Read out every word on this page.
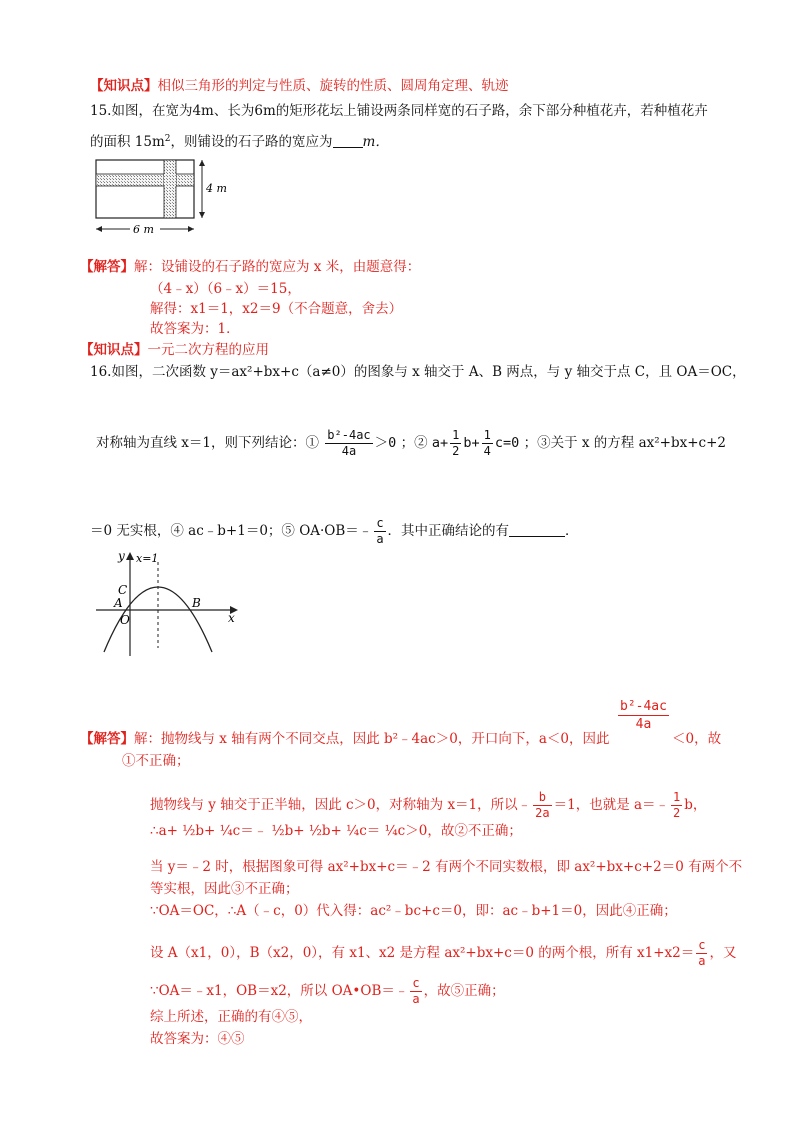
【知识点】相似三角形的判定与性质、旋转的性质、圆周角定理、轨迹
15.如图，在宽为4m、长为6m的矩形花坛上铺设两条同样宽的石子路，余下部分种植花卉，若种植花卉
的面积 $15m^2$，则铺设的石子路的宽应为 m．
4 m
6 m
【解答】解：设铺设的石子路的宽应为 x 米，由题意得：
（4﹣x）（6﹣x）＝15，
解得：x1＝1，x2＝9（不合题意，舍去）
故答案为：1．
【知识点】一元二次方程的应用
16.如图，二次函数 y＝ax²+bx+c（a≠0）的图象与 x 轴交于 A、B 两点，与 y 轴交于点 C，且 OA＝OC，
对称轴为直线 x＝1，则下列结论：① $\frac{\text{b²-4ac}}{4a} >0$ ；② $a+ \frac{1}{2} b+ \frac{1}{4} c=0$ ；③关于 x 的方程 ax²+bx+c+2
＝0 无实根，④ ac﹣b+1＝0；⑤ OA·OB＝﹣ $\frac{c}{a}$ ．其中正确结论的有	．
y x=1
x
C
A	B
O
【解答】解：抛物线与 x 轴有两个不同交点，因此 b²﹣4ac＞0，开口向下，a＜0，因此
$\frac{\text{b²-4ac}}{4a}$
＜0，故
①不正确；
抛物线与 y 轴交于正半轴，因此 c＞0，对称轴为 x＝1，所以﹣ $\frac{b}{2a} =1$，也就是 a＝﹣ $\frac{1}{2}$ b，
∴a+ ½b+ ¼c＝﹣ ½b+ ½b+ ¼c＝ ¼c＞0，故②不正确；
当 y＝﹣2 时，根据图象可得 ax²+bx+c＝﹣2 有两个不同实数根，即 ax²+bx+c+2＝0 有两个不
等实根，因此③不正确；
∵OA＝OC，∴A（﹣c，0）代入得：ac²﹣bc+c＝0，即：ac﹣b+1＝0，因此④正确；
设 A（x1，0），B（x2，0），有 x1、x2 是方程 ax²+bx+c＝0 的两个根，所有 $x1+x2= \frac{c}{a}$ ，又
∵OA＝﹣x1，OB＝x2，所以 OA•OB＝﹣ $\frac{c}{a}$ ，故⑤正确；
综上所述，正确的有④⑤，
故答案为：④⑤
